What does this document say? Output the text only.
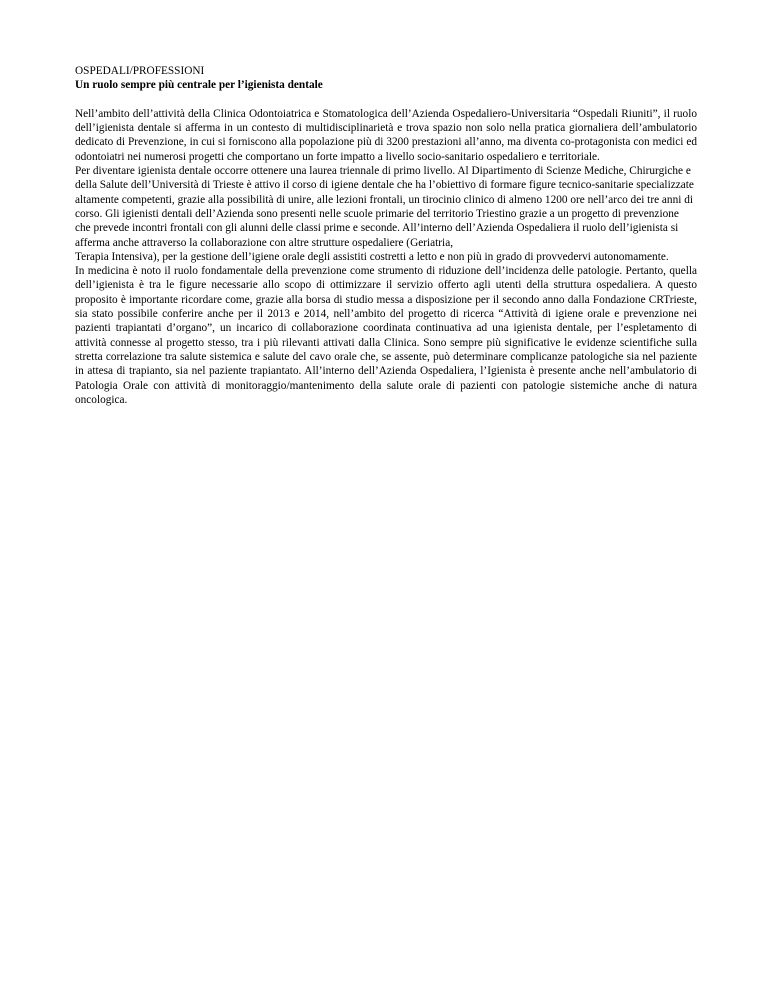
OSPEDALI/PROFESSIONI

Un ruolo sempre più centrale per l’igienista dentale

Nell’ambito dell’attività della Clinica Odontoiatrica e Stomatologica dell’Azienda Ospedaliero-Universitaria “Ospedali Riuniti”, il ruolo dell’igienista dentale si afferma in un contesto di multidisciplinarietà e trova spazio non solo nella pratica giornaliera dell’ambulatorio dedicato di Prevenzione, in cui si forniscono alla popolazione più di 3200 prestazioni all’anno, ma diventa co-protagonista con medici ed odontoiatri nei numerosi progetti che comportano un forte impatto a livello socio-sanitario ospedaliero e territoriale.

Per diventare igienista dentale occorre ottenere una laurea triennale di primo livello. Al Dipartimento di Scienze Mediche, Chirurgiche e della Salute dell’Università di Trieste è attivo il corso di igiene dentale che ha l’obiettivo di formare figure tecnico-sanitarie specializzate altamente competenti, grazie alla possibilità di unire, alle lezioni frontali, un tirocinio clinico di almeno 1200 ore nell’arco dei tre anni di corso. Gli igienisti dentali dell’Azienda sono presenti nelle scuole primarie del territorio Triestino grazie a un progetto di prevenzione che prevede incontri frontali con gli alunni delle classi prime e seconde. All’interno dell’Azienda Ospedaliera il ruolo dell’igienista si afferma anche attraverso la collaborazione con altre strutture ospedaliere (Geriatria,

Terapia Intensiva), per la gestione dell’igiene orale degli assistiti costretti a letto e non più in grado di provvedervi autonomamente.

In medicina è noto il ruolo fondamentale della prevenzione come strumento di riduzione dell’incidenza delle patologie. Pertanto, quella dell’igienista è tra le figure necessarie allo scopo di ottimizzare il servizio offerto agli utenti della struttura ospedaliera. A questo proposito è importante ricordare come, grazie alla borsa di studio messa a disposizione per il secondo anno dalla Fondazione CRTrieste, sia stato possibile conferire anche per il 2013 e 2014, nell’ambito del progetto di ricerca “Attività di igiene orale e prevenzione nei pazienti trapiantati d’organo”, un incarico di collaborazione coordinata continuativa ad una igienista dentale, per l’espletamento di attività connesse al progetto stesso, tra i più rilevanti attivati dalla Clinica. Sono sempre più significative le evidenze scientifiche sulla stretta correlazione tra salute sistemica e salute del cavo orale che, se assente, può determinare complicanze patologiche sia nel paziente in attesa di trapianto, sia nel paziente trapiantato. All’interno dell’Azienda Ospedaliera, l’Igienista è presente anche nell’ambulatorio di Patologia Orale con attività di monitoraggio/mantenimento della salute orale di pazienti con patologie sistemiche anche di natura oncologica.
